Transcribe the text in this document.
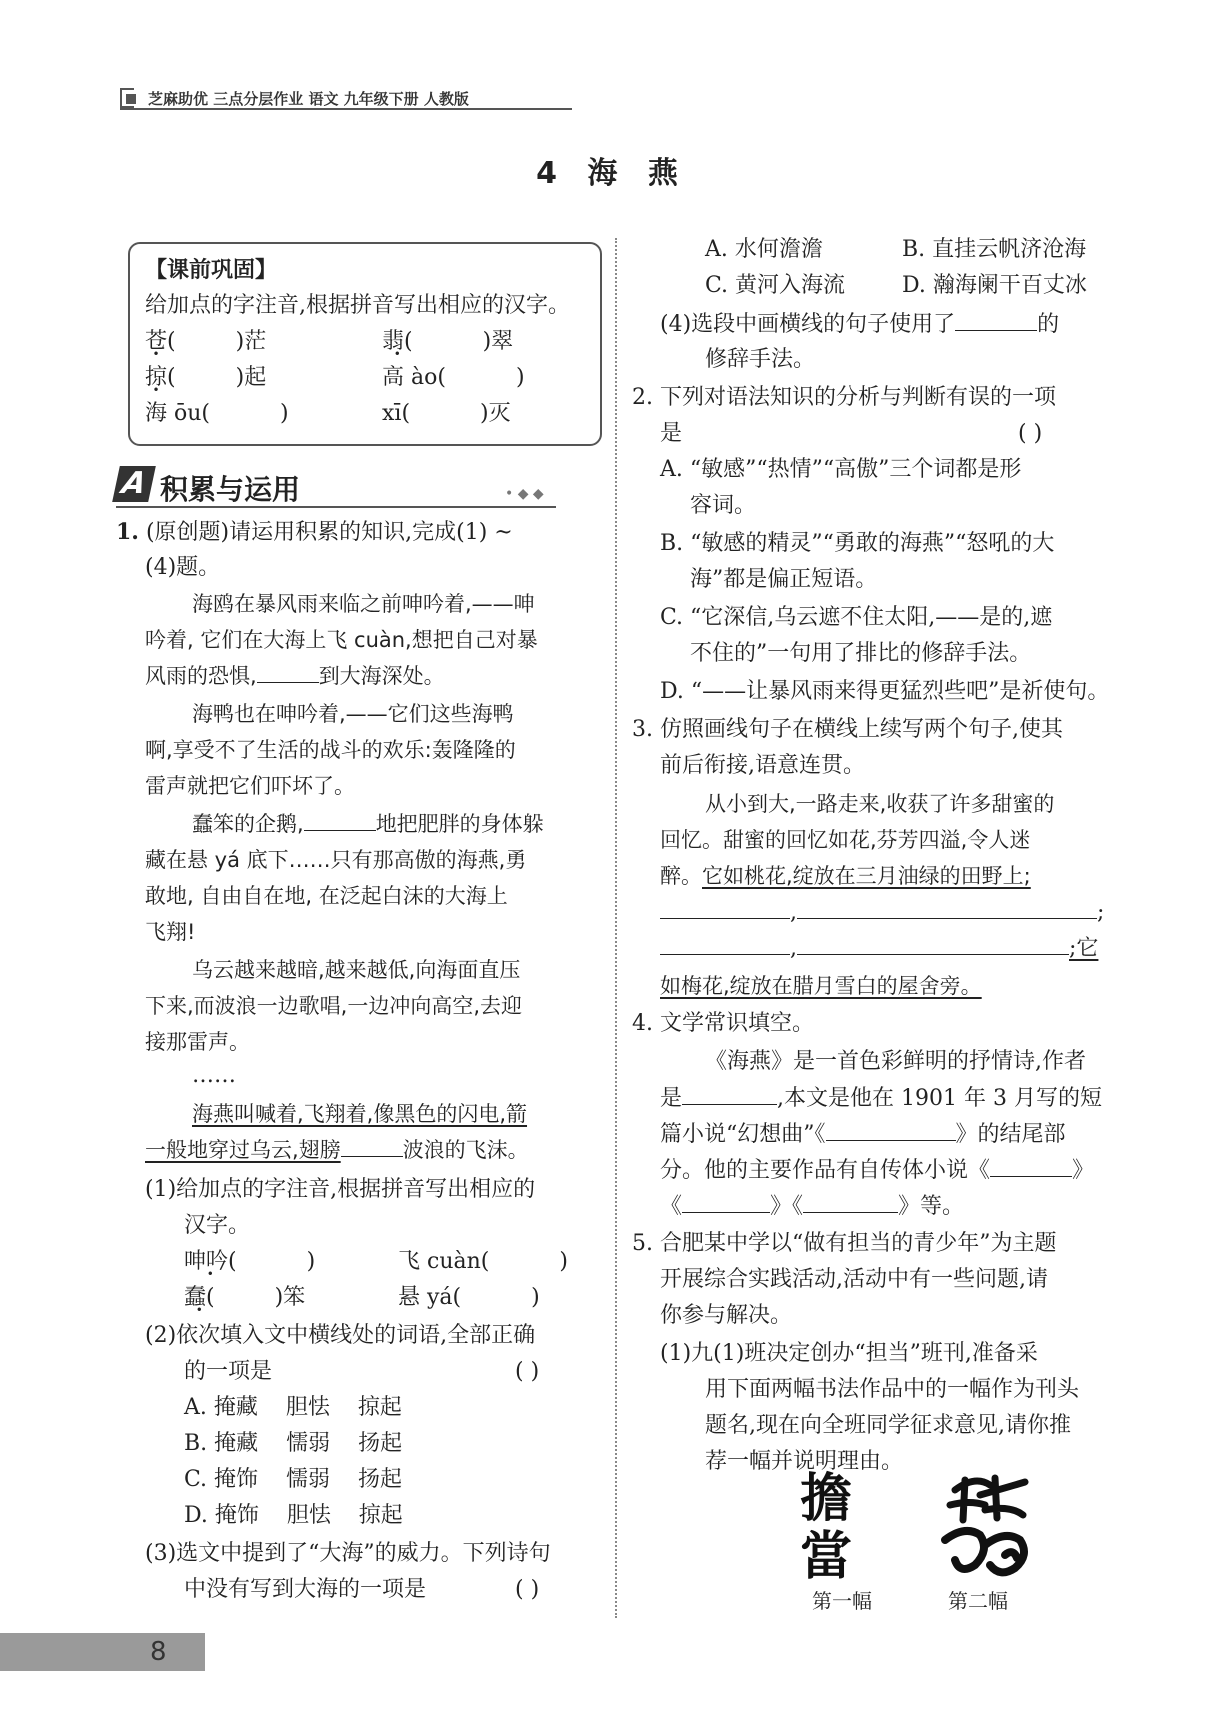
芝麻助优 三点分层作业 语文 九年级下册 人教版
4 海 燕
【课前巩固】
给加点的字注音,根据拼音写出相应的汉字。
苍(	)茫	翡( •	)翠
掠(	)起	高 ào(	)
海 ōu(	)	xī(	)灭
A 积累与运用	• ◆ ◆
1. (原创题)请运用积累的知识,完成(1) ~
(4)题。
海鸥在暴风雨来临之前呻吟着,——呻
吟着, 它们在大海上飞 cuàn,想把自己对暴
风雨的恐惧,	到大海深处。
海鸭也在呻吟着,——它们这些海鸭
啊,享受不了生活的战斗的欢乐:轰隆隆的
雷声就把它们吓坏了。
蠢笨的企鹅,	地把肥胖的身体躲
藏在悬 yá 底下……只有那高傲的海燕,勇
敢地, 自由自在地, 在泛起白沫的大海上
飞翔!
乌云越来越暗,越来越低,向海面直压
下来,而波浪一边歌唱,一边冲向高空,去迎
接那雷声。
……
海燕叫喊着,飞翔着,像黑色的闪电,箭
一般地穿过乌云,翅膀	波浪的飞沫。
(1)给加点的字注音,根据拼音写出相应的
汉字。
呻吟( •	)	飞 cuàn(	)
蠢( •	)笨	悬 yá(	)
(2)依次填入文中横线处的词语,全部正确
的一项是	( )
A. 掩藏    胆怯    掠起
B. 掩藏    懦弱    扬起
C. 掩饰    懦弱    扬起
D. 掩饰    胆怯    掠起
(3)选文中提到了“大海”的威力。下列诗句
中没有写到大海的一项是	( )
A. 水何澹澹	B. 直挂云帆济沧海
C. 黄河入海流	D. 瀚海阑干百丈冰
(4)选段中画横线的句子使用了	的
修辞手法。
2. 下列对语法知识的分析与判断有误的一项
是	( )
A. “敏感”“热情”“高傲”三个词都是形
容词。
B. “敏感的精灵”“勇敢的海燕”“怒吼的大
海”都是偏正短语。
C. “它深信,乌云遮不住太阳,——是的,遮
不住的”一句用了排比的修辞手法。
D. “——让暴风雨来得更猛烈些吧”是祈使句。
3. 仿照画线句子在横线上续写两个句子,使其
前后衔接,语意连贯。
从小到大,一路走来,收获了许多甜蜜的
回忆。甜蜜的回忆如花,芬芳四溢,令人迷
醉。它如桃花,绽放在三月油绿的田野上;
,	;
,	;它
如梅花,绽放在腊月雪白的屋舍旁。
4. 文学常识填空。
《海燕》是一首色彩鲜明的抒情诗,作者
是	,本文是他在 1901 年 3 月写的短
篇小说“幻想曲”《	》的结尾部
分。他的主要作品有自传体小说《	》
《	》《	》等。
5. 合肥某中学以“做有担当的青少年”为主题
开展综合实践活动,活动中有一些问题,请
你参与解决。
(1)九(1)班决定创办“担当”班刊,准备采
用下面两幅书法作品中的一幅作为刊头
题名,现在向全班同学征求意见,请你推
荐一幅并说明理由。
擔
當
第一幅	第二幅
8
